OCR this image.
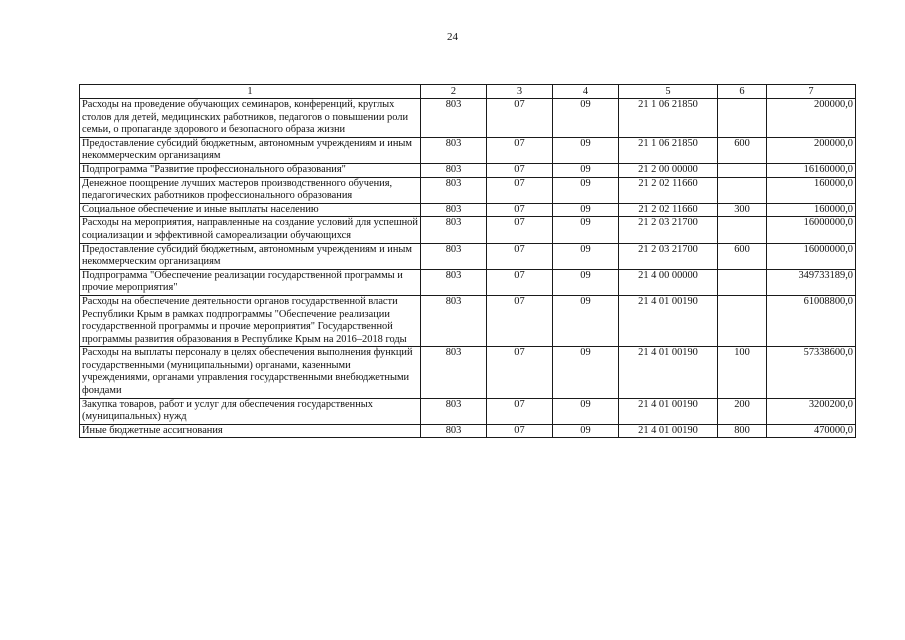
24
1	2	3	4	5	6	7
Расходы на проведение обучающих семинаров, конференций, круглых столов для детей, медицинских работников, педагогов о повышении роли семьи, о пропаганде здорового и безопасного образа жизни	803	07	09	21 1 06 21850		200000,0
Предоставление субсидий бюджетным, автономным учреждениям и иным некоммерческим организациям	803	07	09	21 1 06 21850	600	200000,0
Подпрограмма "Развитие профессионального образования"	803	07	09	21 2 00 00000		16160000,0
Денежное поощрение лучших мастеров производственного обучения, педагогических работников профессионального образования	803	07	09	21 2 02 11660		160000,0
Социальное обеспечение и иные выплаты населению	803	07	09	21 2 02 11660	300	160000,0
Расходы на мероприятия, направленные на создание условий для успешной социализации и эффективной самореализации обучающихся	803	07	09	21 2 03 21700		16000000,0
Предоставление субсидий бюджетным, автономным учреждениям и иным некоммерческим организациям	803	07	09	21 2 03 21700	600	16000000,0
Подпрограмма "Обеспечение реализации государственной программы и прочие мероприятия"	803	07	09	21 4 00 00000		349733189,0
Расходы на обеспечение деятельности органов государственной власти Республики Крым в рамках подпрограммы "Обеспечение реализации государственной программы и прочие мероприятия" Государственной программы развития образования в Республике Крым на 2016–2018 годы	803	07	09	21 4 01 00190		61008800,0
Расходы на выплаты персоналу в целях обеспечения выполнения функций государственными (муниципальными) органами, казенными учреждениями, органами управления государственными внебюджетными фондами	803	07	09	21 4 01 00190	100	57338600,0
Закупка товаров, работ и услуг для обеспечения государственных (муниципальных) нужд	803	07	09	21 4 01 00190	200	3200200,0
Иные бюджетные ассигнования	803	07	09	21 4 01 00190	800	470000,0
